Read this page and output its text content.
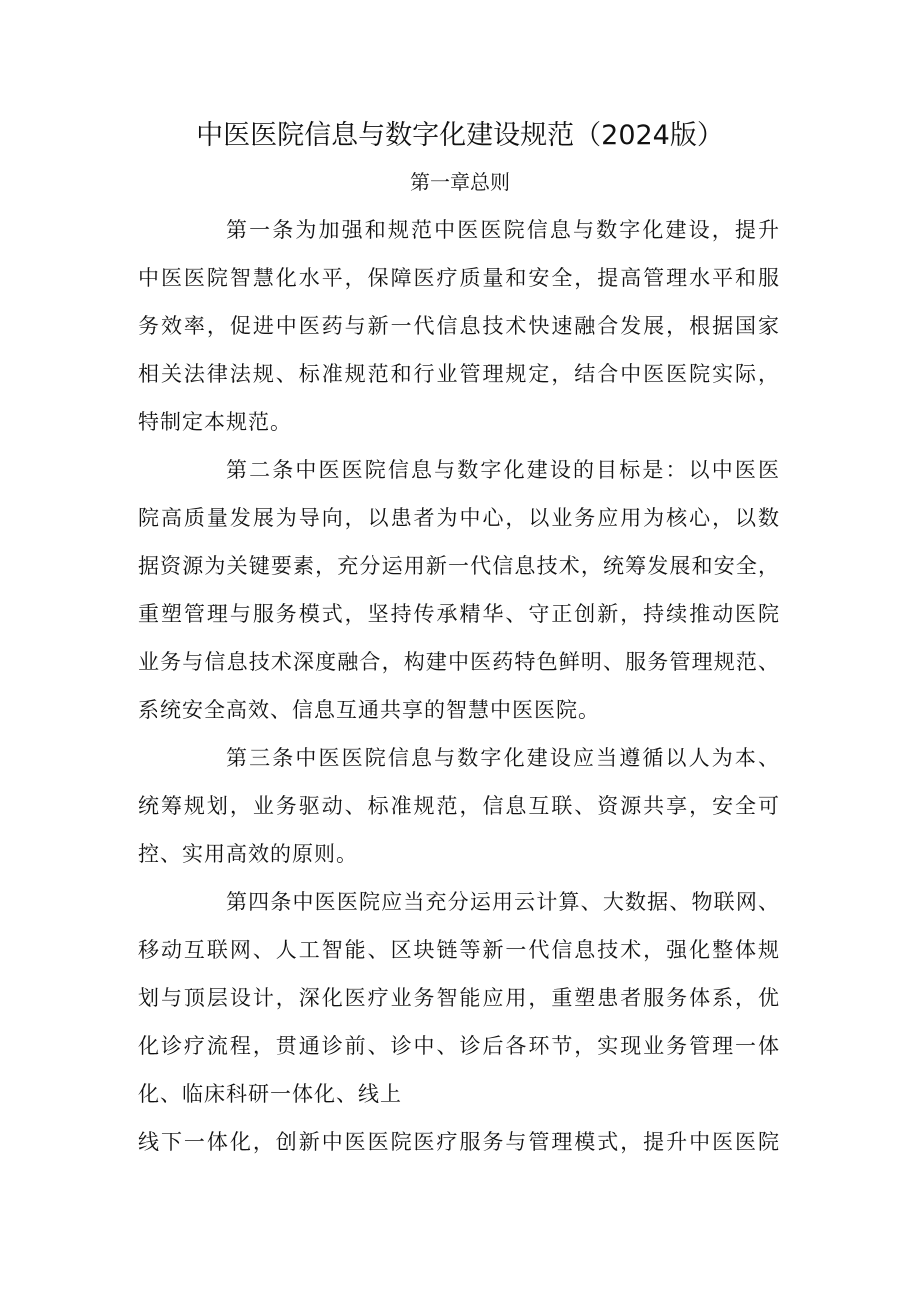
中医医院信息与数字化建设规范（2024版）
第一章总则
第一条为加强和规范中医医院信息与数字化建设，提升
中医医院智慧化水平，保障医疗质量和安全，提高管理水平和服
务效率，促进中医药与新一代信息技术快速融合发展，根据国家
相关法律法规、标准规范和行业管理规定，结合中医医院实际，
特制定本规范。
第二条中医医院信息与数字化建设的目标是：以中医医
院高质量发展为导向，以患者为中心，以业务应用为核心，以数
据资源为关键要素，充分运用新一代信息技术，统筹发展和安全，
重塑管理与服务模式，坚持传承精华、守正创新，持续推动医院
业务与信息技术深度融合，构建中医药特色鲜明、服务管理规范、
系统安全高效、信息互通共享的智慧中医医院。
第三条中医医院信息与数字化建设应当遵循以人为本、
统筹规划，业务驱动、标准规范，信息互联、资源共享，安全可
控、实用高效的原则。
第四条中医医院应当充分运用云计算、大数据、物联网、
移动互联网、人工智能、区块链等新一代信息技术，强化整体规
划与顶层设计，深化医疗业务智能应用，重塑患者服务体系，优
化诊疗流程，贯通诊前、诊中、诊后各环节，实现业务管理一体
化、临床科研一体化、线上
线下一体化，创新中医医院医疗服务与管理模式，提升中医医院
